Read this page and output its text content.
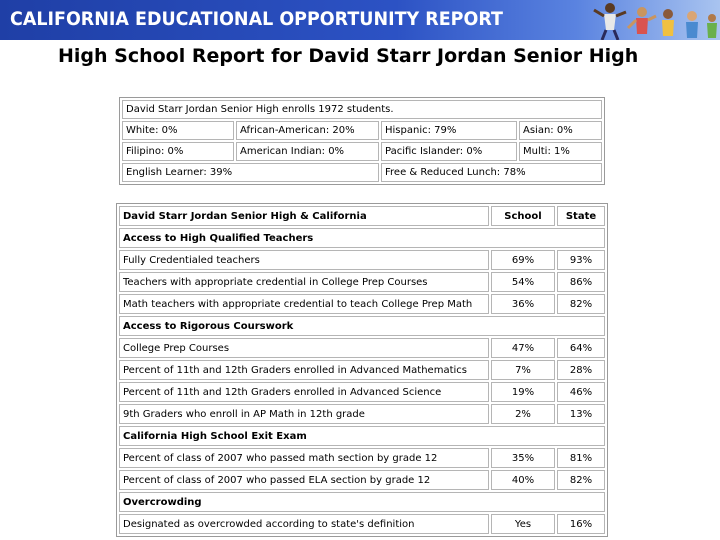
CALIFORNIA EDUCATIONAL OPPORTUNITY REPORT
High School Report for David Starr Jordan Senior High
David Starr Jordan Senior High enrolls 1972 students.			
White: 0%	African-American: 20%	Hispanic: 79%	Asian: 0%
Filipino: 0%	American Indian: 0%	Pacific Islander: 0%	Multi: 1%
English Learner: 39%		Free & Reduced Lunch: 78%	
David Starr Jordan Senior High & California	School	State
Access to High Qualified Teachers		
Fully Credentialed teachers	69%	93%
Teachers with appropriate credential in College Prep Courses	54%	86%
Math teachers with appropriate credential to teach College Prep Math	36%	82%
Access to Rigorous Courswork		
College Prep Courses	47%	64%
Percent of 11th and 12th Graders enrolled in Advanced Mathematics	7%	28%
Percent of 11th and 12th Graders enrolled in Advanced Science	19%	46%
9th Graders who enroll in AP Math in 12th grade	2%	13%
California High School Exit Exam		
Percent of class of 2007 who passed math section by grade 12	35%	81%
Percent of class of 2007 who passed ELA section by grade 12	40%	82%
Overcrowding		
Designated as overcrowded according to state's definition	Yes	16%
